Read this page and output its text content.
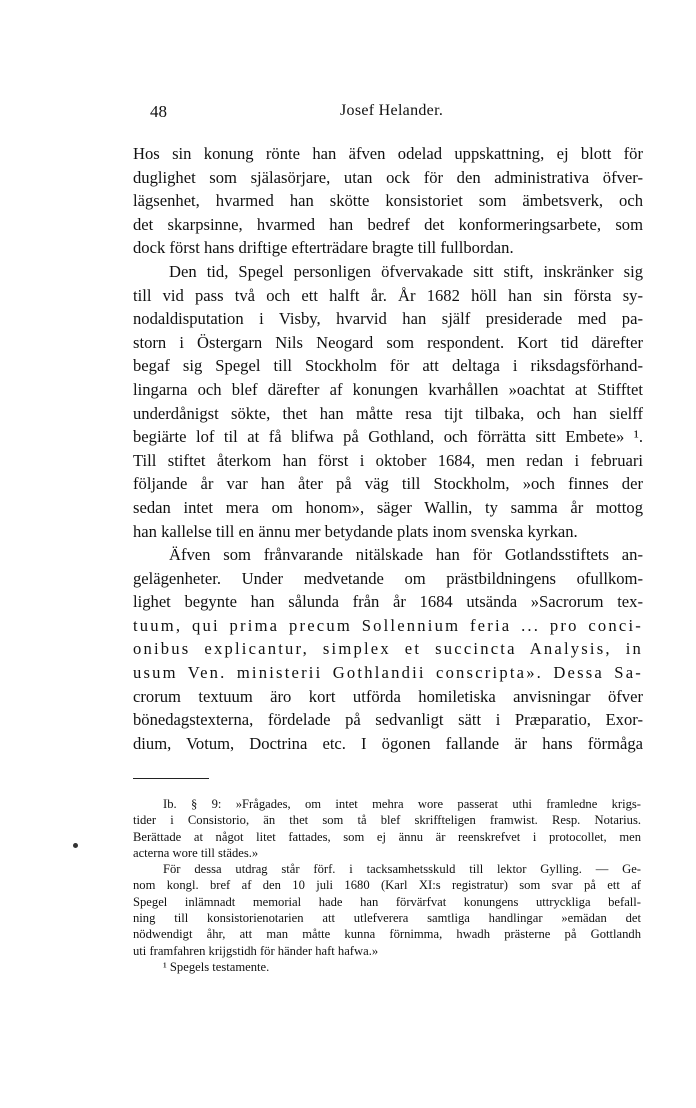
48	Josef Helander.
Hos sin konung rönte han äfven odelad uppskattning, ej blott för
duglighet som själasörjare, utan ock för den administrativa öfver-
lägsenhet, hvarmed han skötte konsistoriet som ämbetsverk, och
det skarpsinne, hvarmed han bedref det konformeringsarbete, som
dock först hans driftige efterträdare bragte till fullbordan.
Den tid, Spegel personligen öfvervakade sitt stift, inskränker sig
till vid pass två och ett halft år. År 1682 höll han sin första sy-
nodaldisputation i Visby, hvarvid han själf presiderade med pa-
storn i Östergarn Nils Neogard som respondent. Kort tid därefter
begaf sig Spegel till Stockholm för att deltaga i riksdagsförhand-
lingarna och blef därefter af konungen kvarhållen »oachtat at Stifftet
underdånigst sökte, thet han måtte resa tijt tilbaka, och han sielff
begiärte lof til at få blifwa på Gothland, och förrätta sitt Embete» ¹.
Till stiftet återkom han först i oktober 1684, men redan i februari
följande år var han åter på väg till Stockholm, »och finnes der
sedan intet mera om honom», säger Wallin, ty samma år mottog
han kallelse till en ännu mer betydande plats inom svenska kyrkan.
Äfven som frånvarande nitälskade han för Gotlandsstiftets an-
gelägenheter. Under medvetande om prästbildningens ofullkom-
lighet begynte han sålunda från år 1684 utsända »Sacrorum tex-
tuum, qui prima precum Sollennium feria ... pro conci-
onibus explicantur, simplex et succincta Analysis, in
usum Ven. ministerii Gothlandii conscripta». Dessa Sa-
crorum textuum äro kort utförda homiletiska anvisningar öfver
bönedagstexterna, fördelade på sedvanligt sätt i Præparatio, Exor-
dium, Votum, Doctrina etc. I ögonen fallande är hans förmåga
Ib. § 9: »Frågades, om intet mehra wore passerat uthi framledne krigs-
tider i Consistorio, än thet som tå blef skriffteligen framwist. Resp. Notarius.
Berättade at något litet fattades, som ej ännu är reenskrefvet i protocollet, men
acterna wore till städes.»
För dessa utdrag står förf. i tacksamhetsskuld till lektor Gylling. — Ge-
nom kongl. bref af den 10 juli 1680 (Karl XI:s registratur) som svar på ett af
Spegel inlämnadt memorial hade han förvärfvat konungens uttryckliga befall-
ning till konsistorienotarien att utlefverera samtliga handlingar »emädan det
nödwendigt åhr, att man måtte kunna förnimma, hwadh prästerne på Gottlandh
uti framfahren krijgstidh för händer haft hafwa.»
¹ Spegels testamente.
